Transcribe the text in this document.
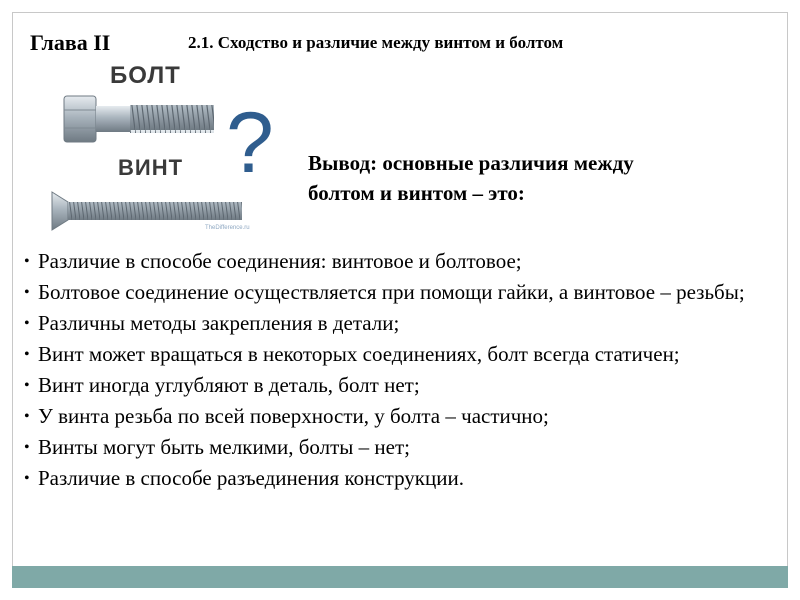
Глава II	2.1. Сходство и различие между винтом и болтом
БОЛТ
?
ВИНТ
TheDifference.ru
Вывод: основные различия между
болтом и винтом – это:
• Различие в способе соединения: винтовое и болтовое;
• Болтовое соединение осуществляется при помощи гайки, а винтовое – резьбы;
• Различны методы закрепления в детали;
• Винт может вращаться в некоторых соединениях, болт всегда статичен;
• Винт иногда углубляют в деталь, болт нет;
• У винта резьба по всей поверхности, у болта – частично;
• Винты могут быть мелкими, болты – нет;
• Различие в способе разъединения конструкции.
